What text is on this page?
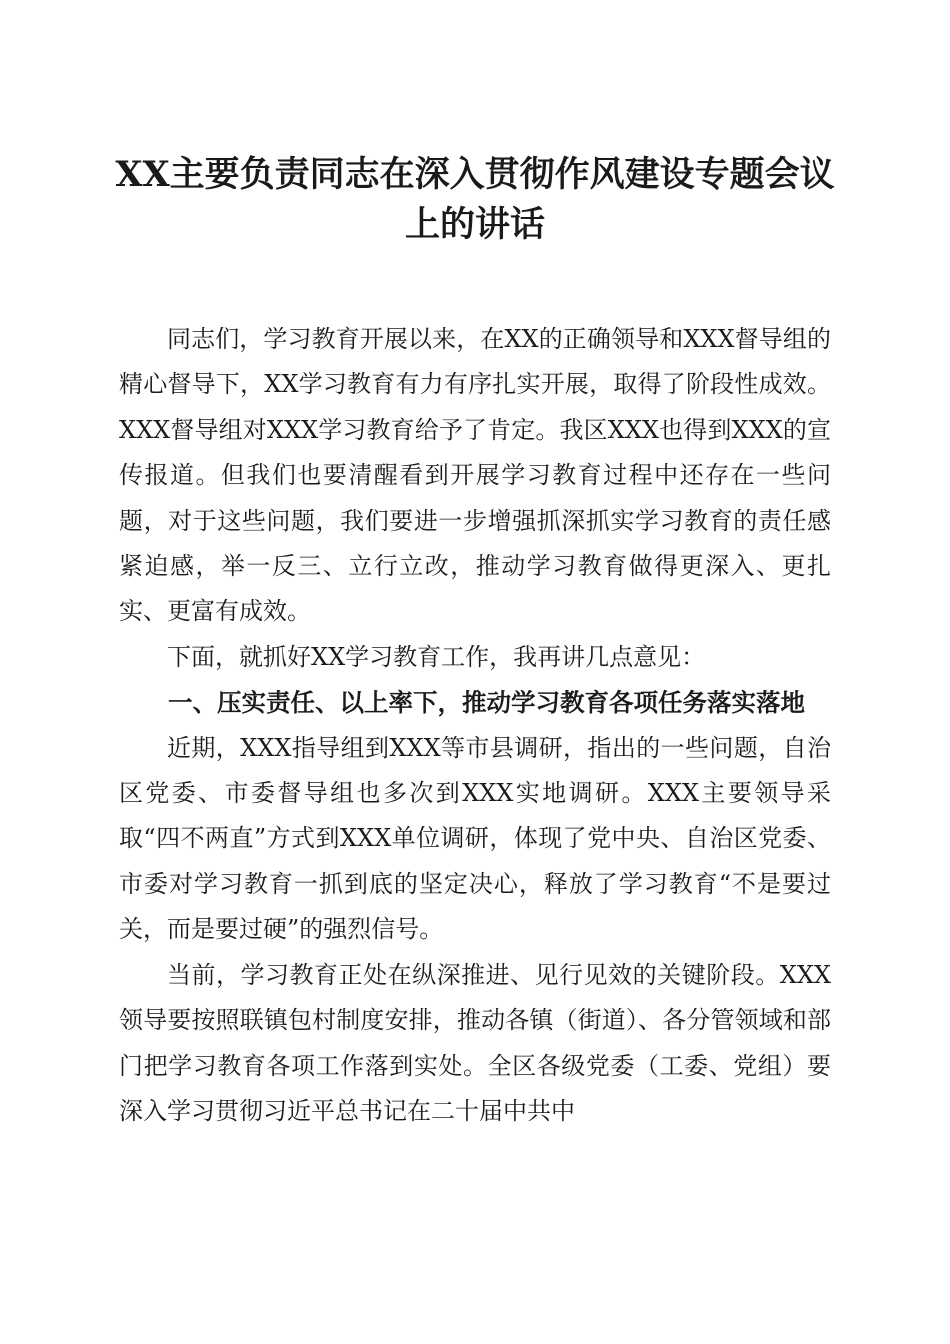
XX主要负责同志在深入贯彻作风建设专题会议上的讲话

同志们，学习教育开展以来，在XX的正确领导和XXX督导组的精心督导下，XX学习教育有力有序扎实开展，取得了阶段性成效。XXX督导组对XXX学习教育给予了肯定。我区XXX也得到XXX的宣传报道。但我们也要清醒看到开展学习教育过程中还存在一些问题，对于这些问题，我们要进一步增强抓深抓实学习教育的责任感紧迫感，举一反三、立行立改，推动学习教育做得更深入、更扎实、更富有成效。

下面，就抓好XX学习教育工作，我再讲几点意见：

一、压实责任、以上率下，推动学习教育各项任务落实落地

近期，XXX指导组到XXX等市县调研，指出的一些问题，自治区党委、市委督导组也多次到XXX实地调研。XXX主要领导采取“四不两直”方式到XXX单位调研，体现了党中央、自治区党委、市委对学习教育一抓到底的坚定决心，释放了学习教育“不是要过关，而是要过硬”的强烈信号。

当前，学习教育正处在纵深推进、见行见效的关键阶段。XXX领导要按照联镇包村制度安排，推动各镇（街道）、各分管领域和部门把学习教育各项工作落到实处。全区各级党委（工委、党组）要深入学习贯彻习近平总书记在二十届中共中
